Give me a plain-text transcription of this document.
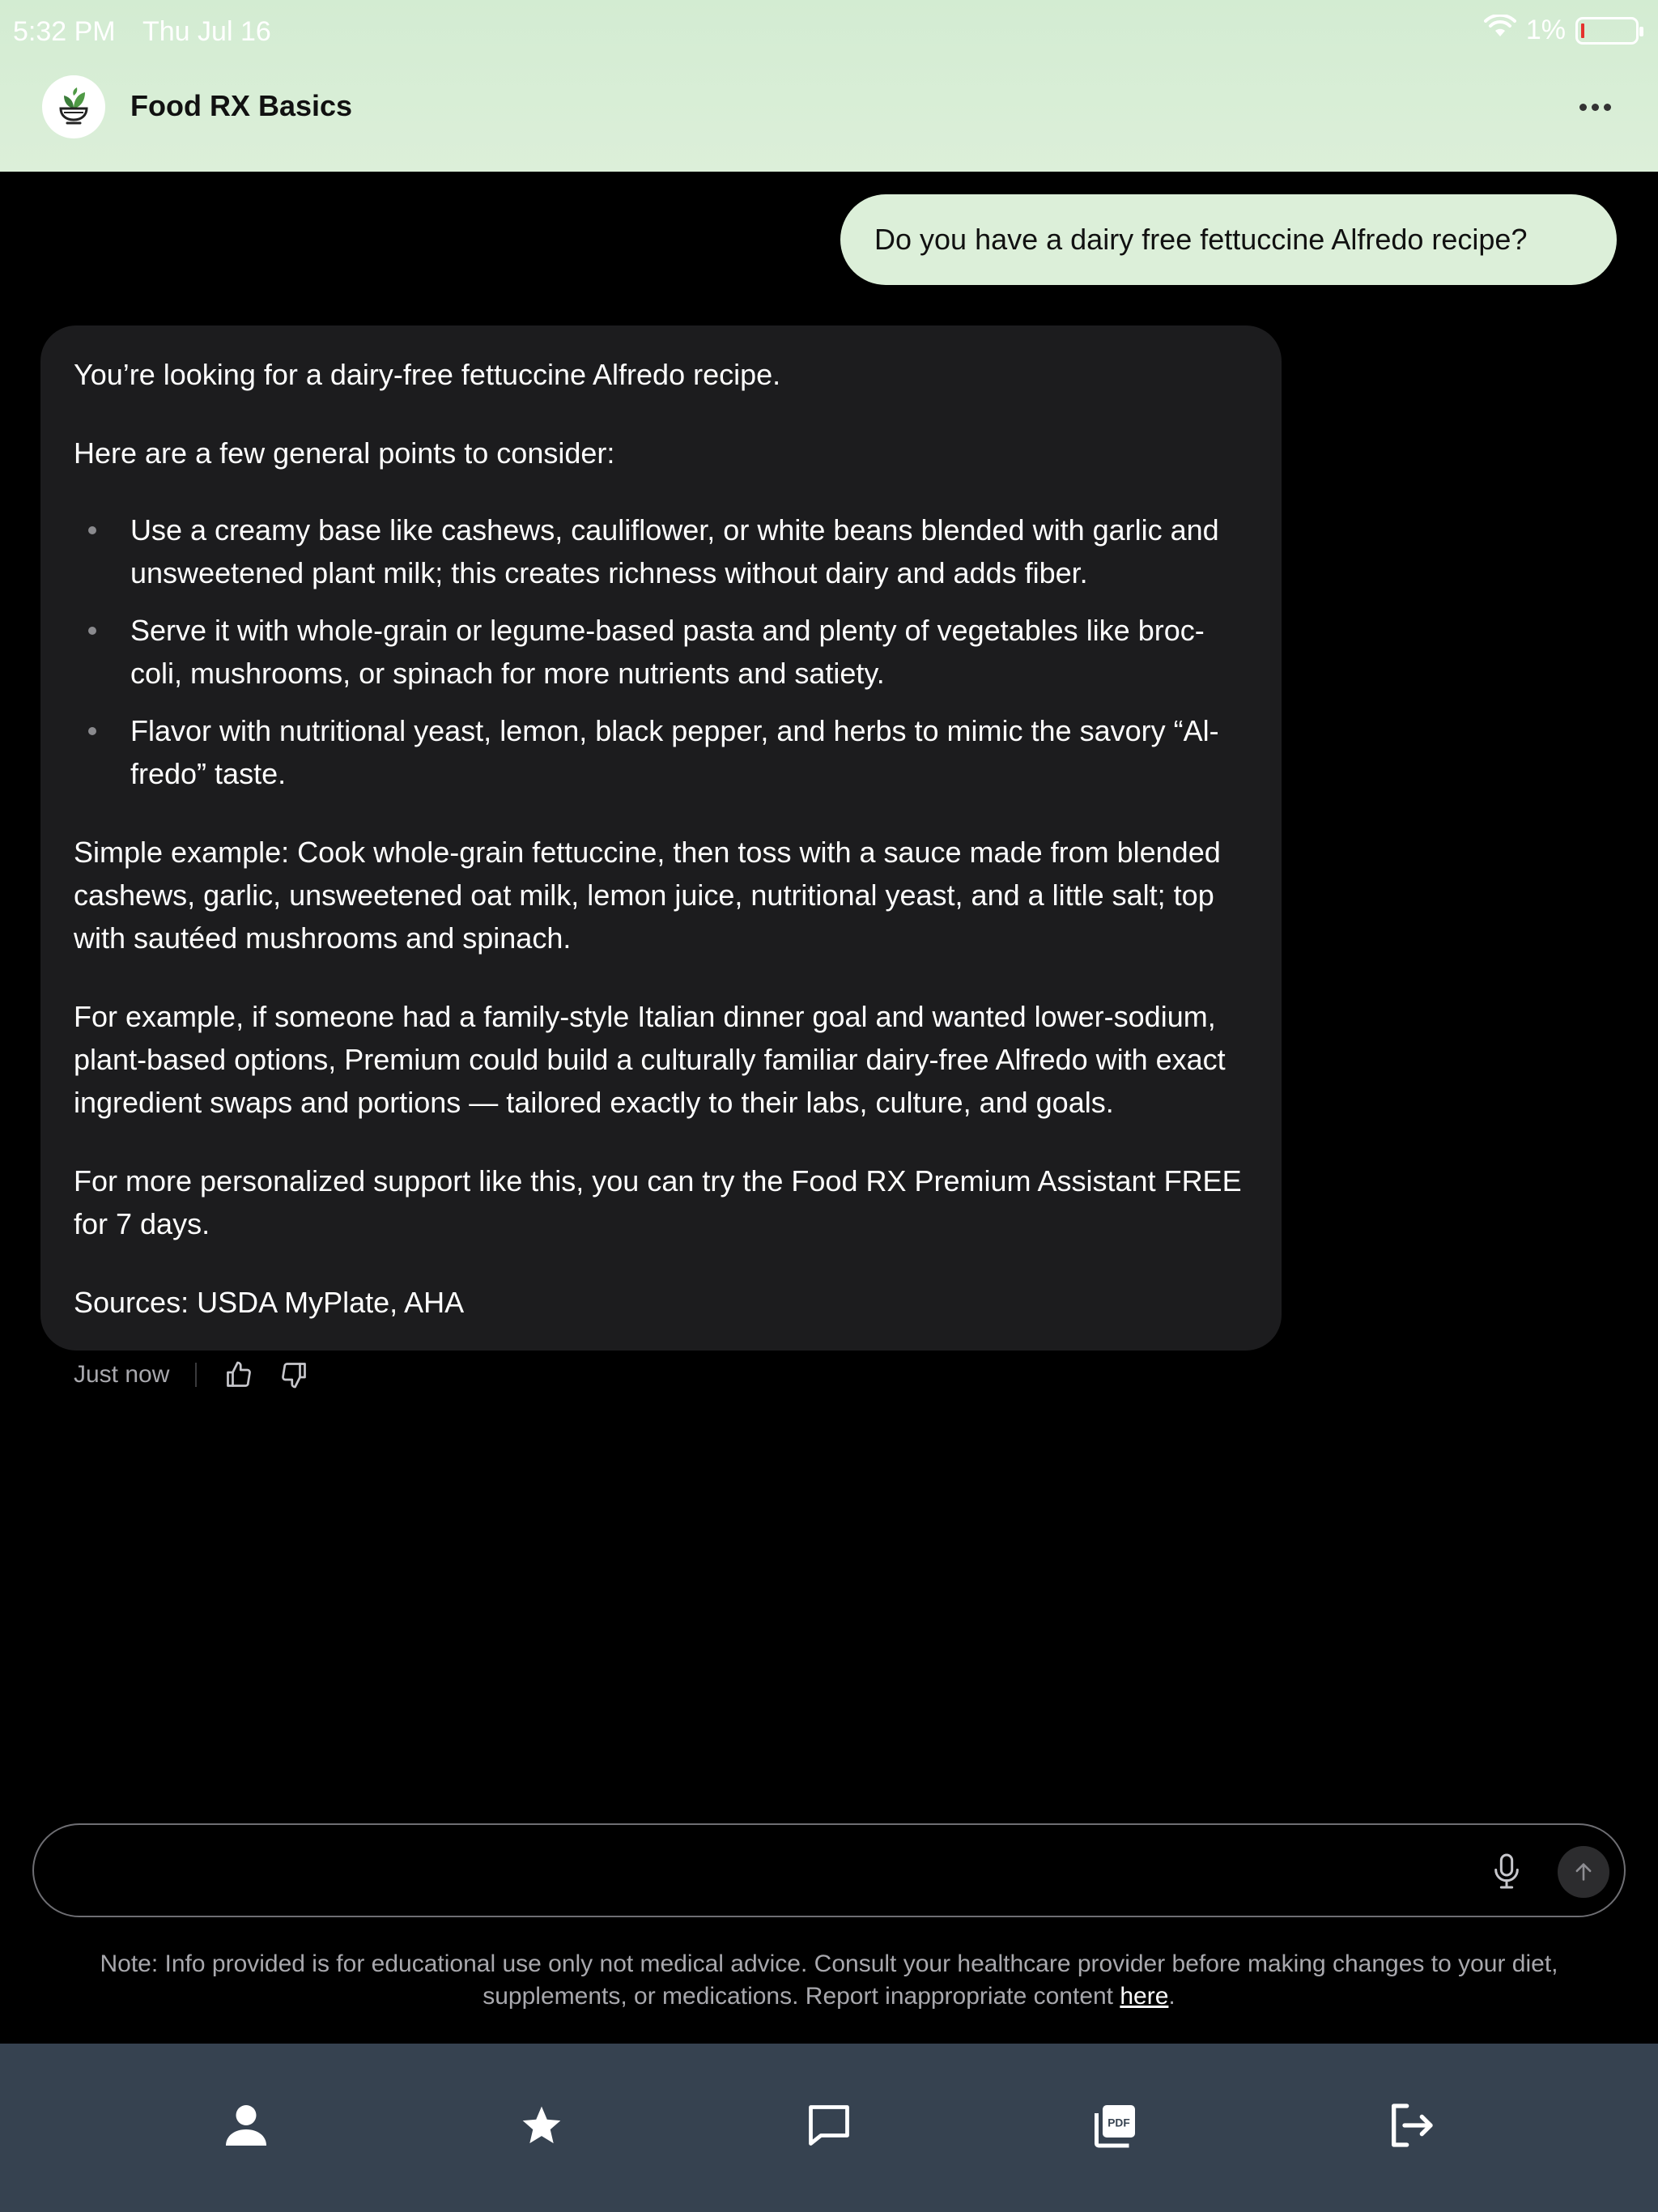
5:32 PM Thu Jul 16	1%
Food RX Basics
Do you have a dairy free fettuccine Alfredo recipe?

You’re looking for a dairy-free fettuccine Alfredo recipe.

Here are a few general points to consider:

Use a creamy base like cashews, cauliflower, or white beans blended with garlic and unsweetened plant milk; this creates richness without dairy and adds fiber.
Serve it with whole-grain or legume-based pasta and plenty of vegetables like broc-coli, mushrooms, or spinach for more nutrients and satiety.
Flavor with nutritional yeast, lemon, black pepper, and herbs to mimic the savory “Al-fredo” taste.

Simple example: Cook whole-grain fettuccine, then toss with a sauce made from blended cashews, garlic, unsweetened oat milk, lemon juice, nutritional yeast, and a little salt; top with sautéed mushrooms and spinach.

For example, if someone had a family-style Italian dinner goal and wanted lower-sodium, plant-based options, Premium could build a culturally familiar dairy-free Alfredo with exact ingredient swaps and portions — tailored exactly to their labs, culture, and goals.

For more personalized support like this, you can try the Food RX Premium Assistant FREE for 7 days.

Sources: USDA MyPlate, AHA

Just now
Note: Info provided is for educational use only not medical advice. Consult your healthcare provider before making changes to your diet, supplements, or medications. Report inappropriate content here.
PDF
